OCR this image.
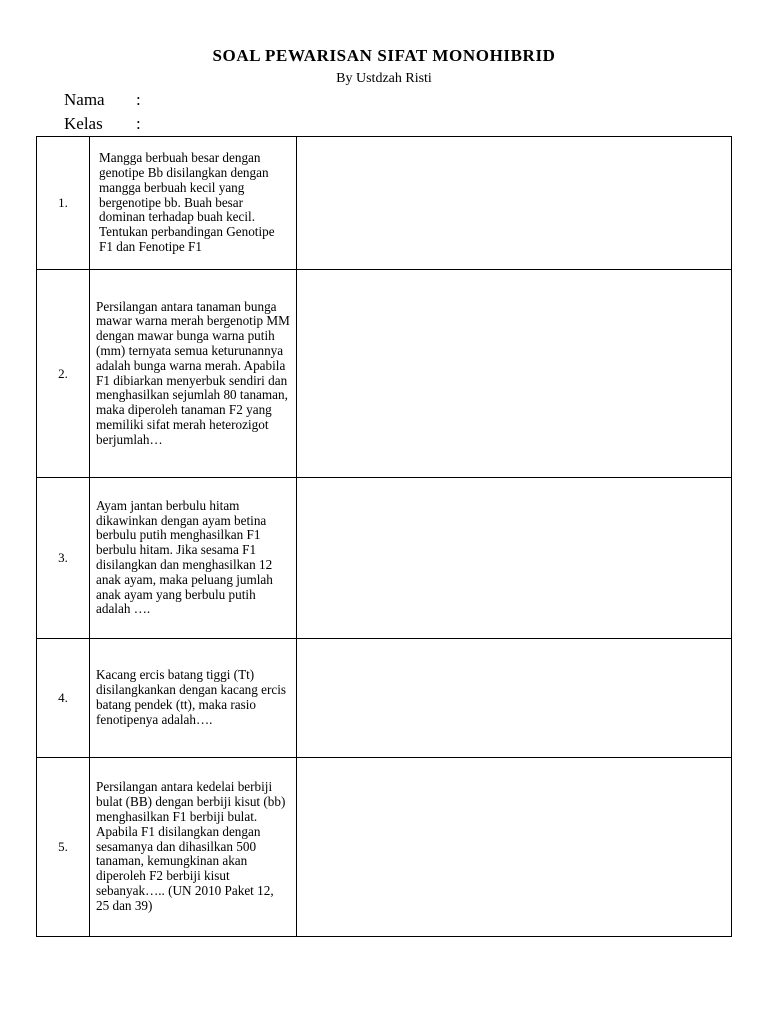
SOAL PEWARISAN SIFAT MONOHIBRID
By Ustdzah Risti
Nama :
Kelas :
1.	Mangga berbuah besar dengan genotipe Bb disilangkan dengan mangga berbuah kecil yang bergenotipe bb. Buah besar dominan terhadap buah kecil. Tentukan perbandingan Genotipe F1 dan Fenotipe F1	

2.	Persilangan antara tanaman bunga mawar warna merah bergenotip MM dengan mawar bunga warna putih (mm) ternyata semua keturunannya adalah bunga warna merah. Apabila F1 dibiarkan menyerbuk sendiri dan menghasilkan sejumlah 80 tanaman, maka diperoleh tanaman F2 yang memiliki sifat merah heterozigot berjumlah…	

3.	Ayam jantan berbulu hitam dikawinkan dengan ayam betina berbulu putih menghasilkan F1 berbulu hitam. Jika sesama F1 disilangkan dan menghasilkan 12 anak ayam, maka peluang jumlah anak ayam yang berbulu putih adalah ….	

4.	Kacang ercis batang tiggi (Tt) disilangkankan dengan kacang ercis batang pendek (tt), maka rasio fenotipenya adalah….	

5.	Persilangan antara kedelai berbiji bulat (BB) dengan berbiji kisut (bb) menghasilkan F1 berbiji bulat. Apabila F1 disilangkan dengan sesamanya dan dihasilkan 500 tanaman, kemungkinan akan diperoleh F2 berbiji kisut sebanyak….. (UN 2010 Paket 12, 25 dan 39)	
